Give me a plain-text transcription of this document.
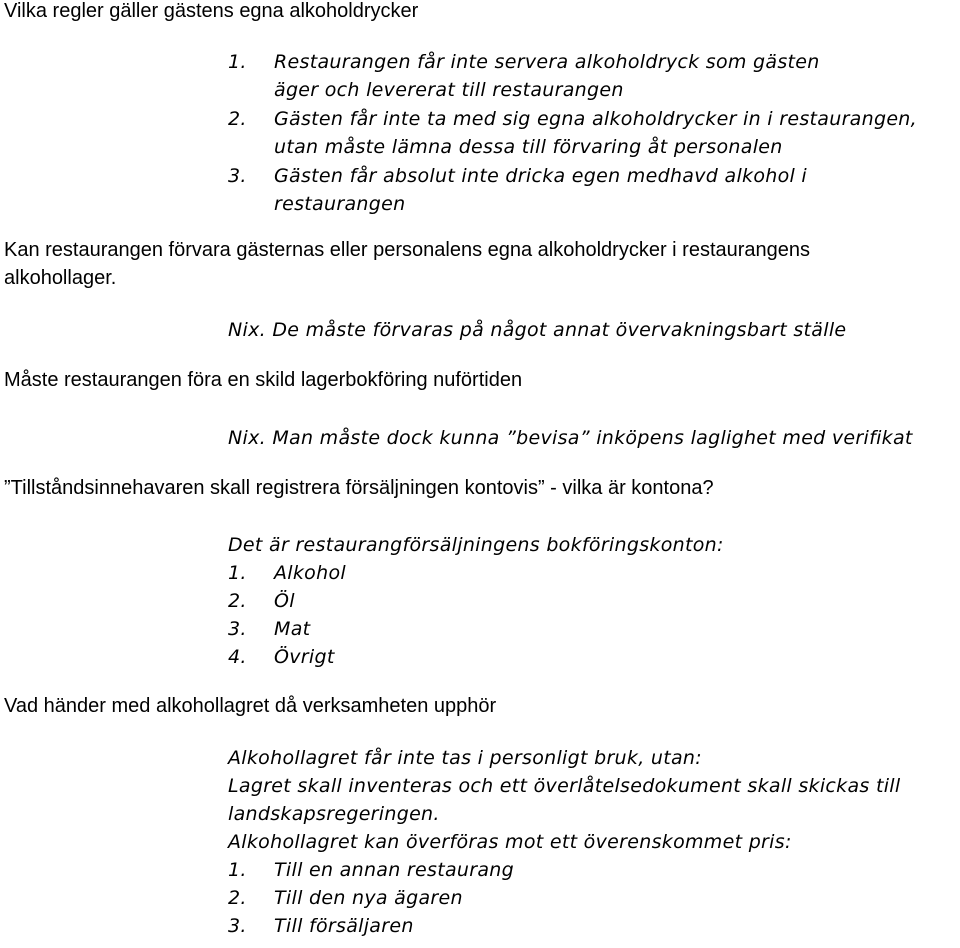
Vilka regler gäller gästens egna alkoholdrycker
1. Restaurangen får inte servera alkoholdryck som gästen
äger och levererat till restaurangen
2. Gästen får inte ta med sig egna alkoholdrycker in i restaurangen,
utan måste lämna dessa till förvaring åt personalen
3. Gästen får absolut inte dricka egen medhavd alkohol i
restaurangen
Kan restaurangen förvara gästernas eller personalens egna alkoholdrycker i restaurangens
alkohollager.
Nix. De måste förvaras på något annat övervakningsbart ställe
Måste restaurangen föra en skild lagerbokföring nuförtiden
Nix. Man måste dock kunna ”bevisa” inköpens laglighet med verifikat
”Tillståndsinnehavaren skall registrera försäljningen kontovis” - vilka är kontona?
Det är restaurangförsäljningens bokföringskonton:
1. Alkohol
2. Öl
3. Mat
4. Övrigt
Vad händer med alkohollagret då verksamheten upphör
Alkohollagret får inte tas i personligt bruk, utan:
Lagret skall inventeras och ett överlåtelsedokument skall skickas till
landskapsregeringen.
Alkohollagret kan överföras mot ett överenskommet pris:
1. Till en annan restaurang
2. Till den nya ägaren
3. Till försäljaren
